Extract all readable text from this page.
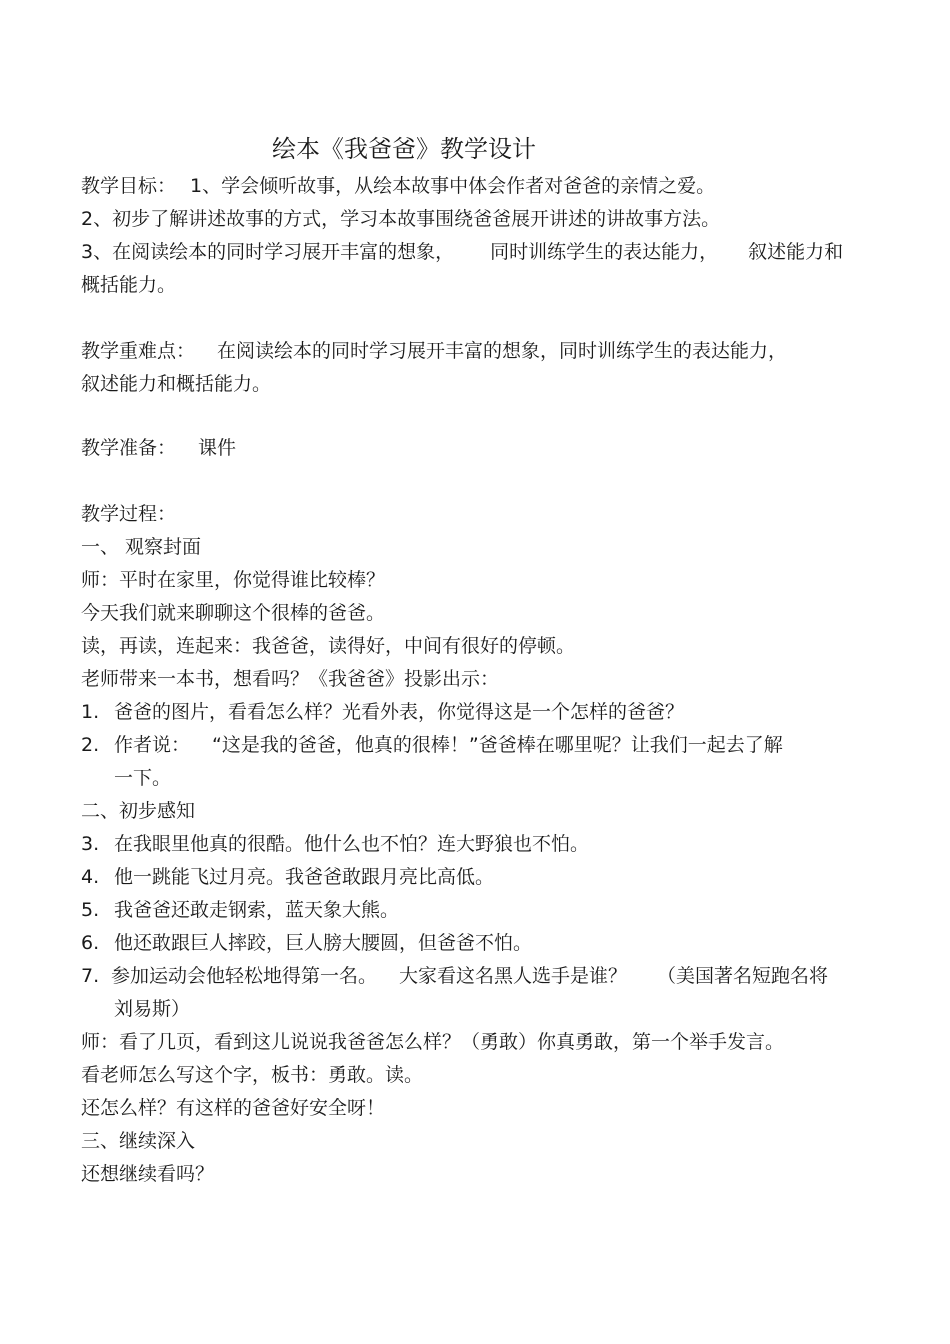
绘本《我爸爸》教学设计
教学目标： 1、学会倾听故事，从绘本故事中体会作者对爸爸的亲情之爱。
2、初步了解讲述故事的方式，学习本故事围绕爸爸展开讲述的讲故事方法。
3、在阅读绘本的同时学习展开丰富的想象， 同时训练学生的表达能力， 叙述能力和
概括能力。
教学重难点： 在阅读绘本的同时学习展开丰富的想象，同时训练学生的表达能力，
叙述能力和概括能力。
教学准备： 课件
教学过程：
一、 观察封面
师：平时在家里，你觉得谁比较棒？
今天我们就来聊聊这个很棒的爸爸。
读，再读，连起来：我爸爸，读得好，中间有很好的停顿。
老师带来一本书，想看吗？《我爸爸》投影出示：
1. 爸爸的图片，看看怎么样？光看外表，你觉得这是一个怎样的爸爸？
2. 作者说： “这是我的爸爸，他真的很棒！”爸爸棒在哪里呢？让我们一起去了解
一下。
二、初步感知
3. 在我眼里他真的很酷。他什么也不怕？连大野狼也不怕。
4. 他一跳能飞过月亮。我爸爸敢跟月亮比高低。
5. 我爸爸还敢走钢索，蓝天象大熊。
6. 他还敢跟巨人摔跤，巨人膀大腰圆，但爸爸不怕。
7. 参加运动会他轻松地得第一名。 大家看这名黑人选手是谁？ （美国著名短跑名将
刘易斯）
师：看了几页，看到这儿说说我爸爸怎么样？（勇敢）你真勇敢，第一个举手发言。
看老师怎么写这个字，板书：勇敢。读。
还怎么样？有这样的爸爸好安全呀！
三、继续深入
还想继续看吗？
